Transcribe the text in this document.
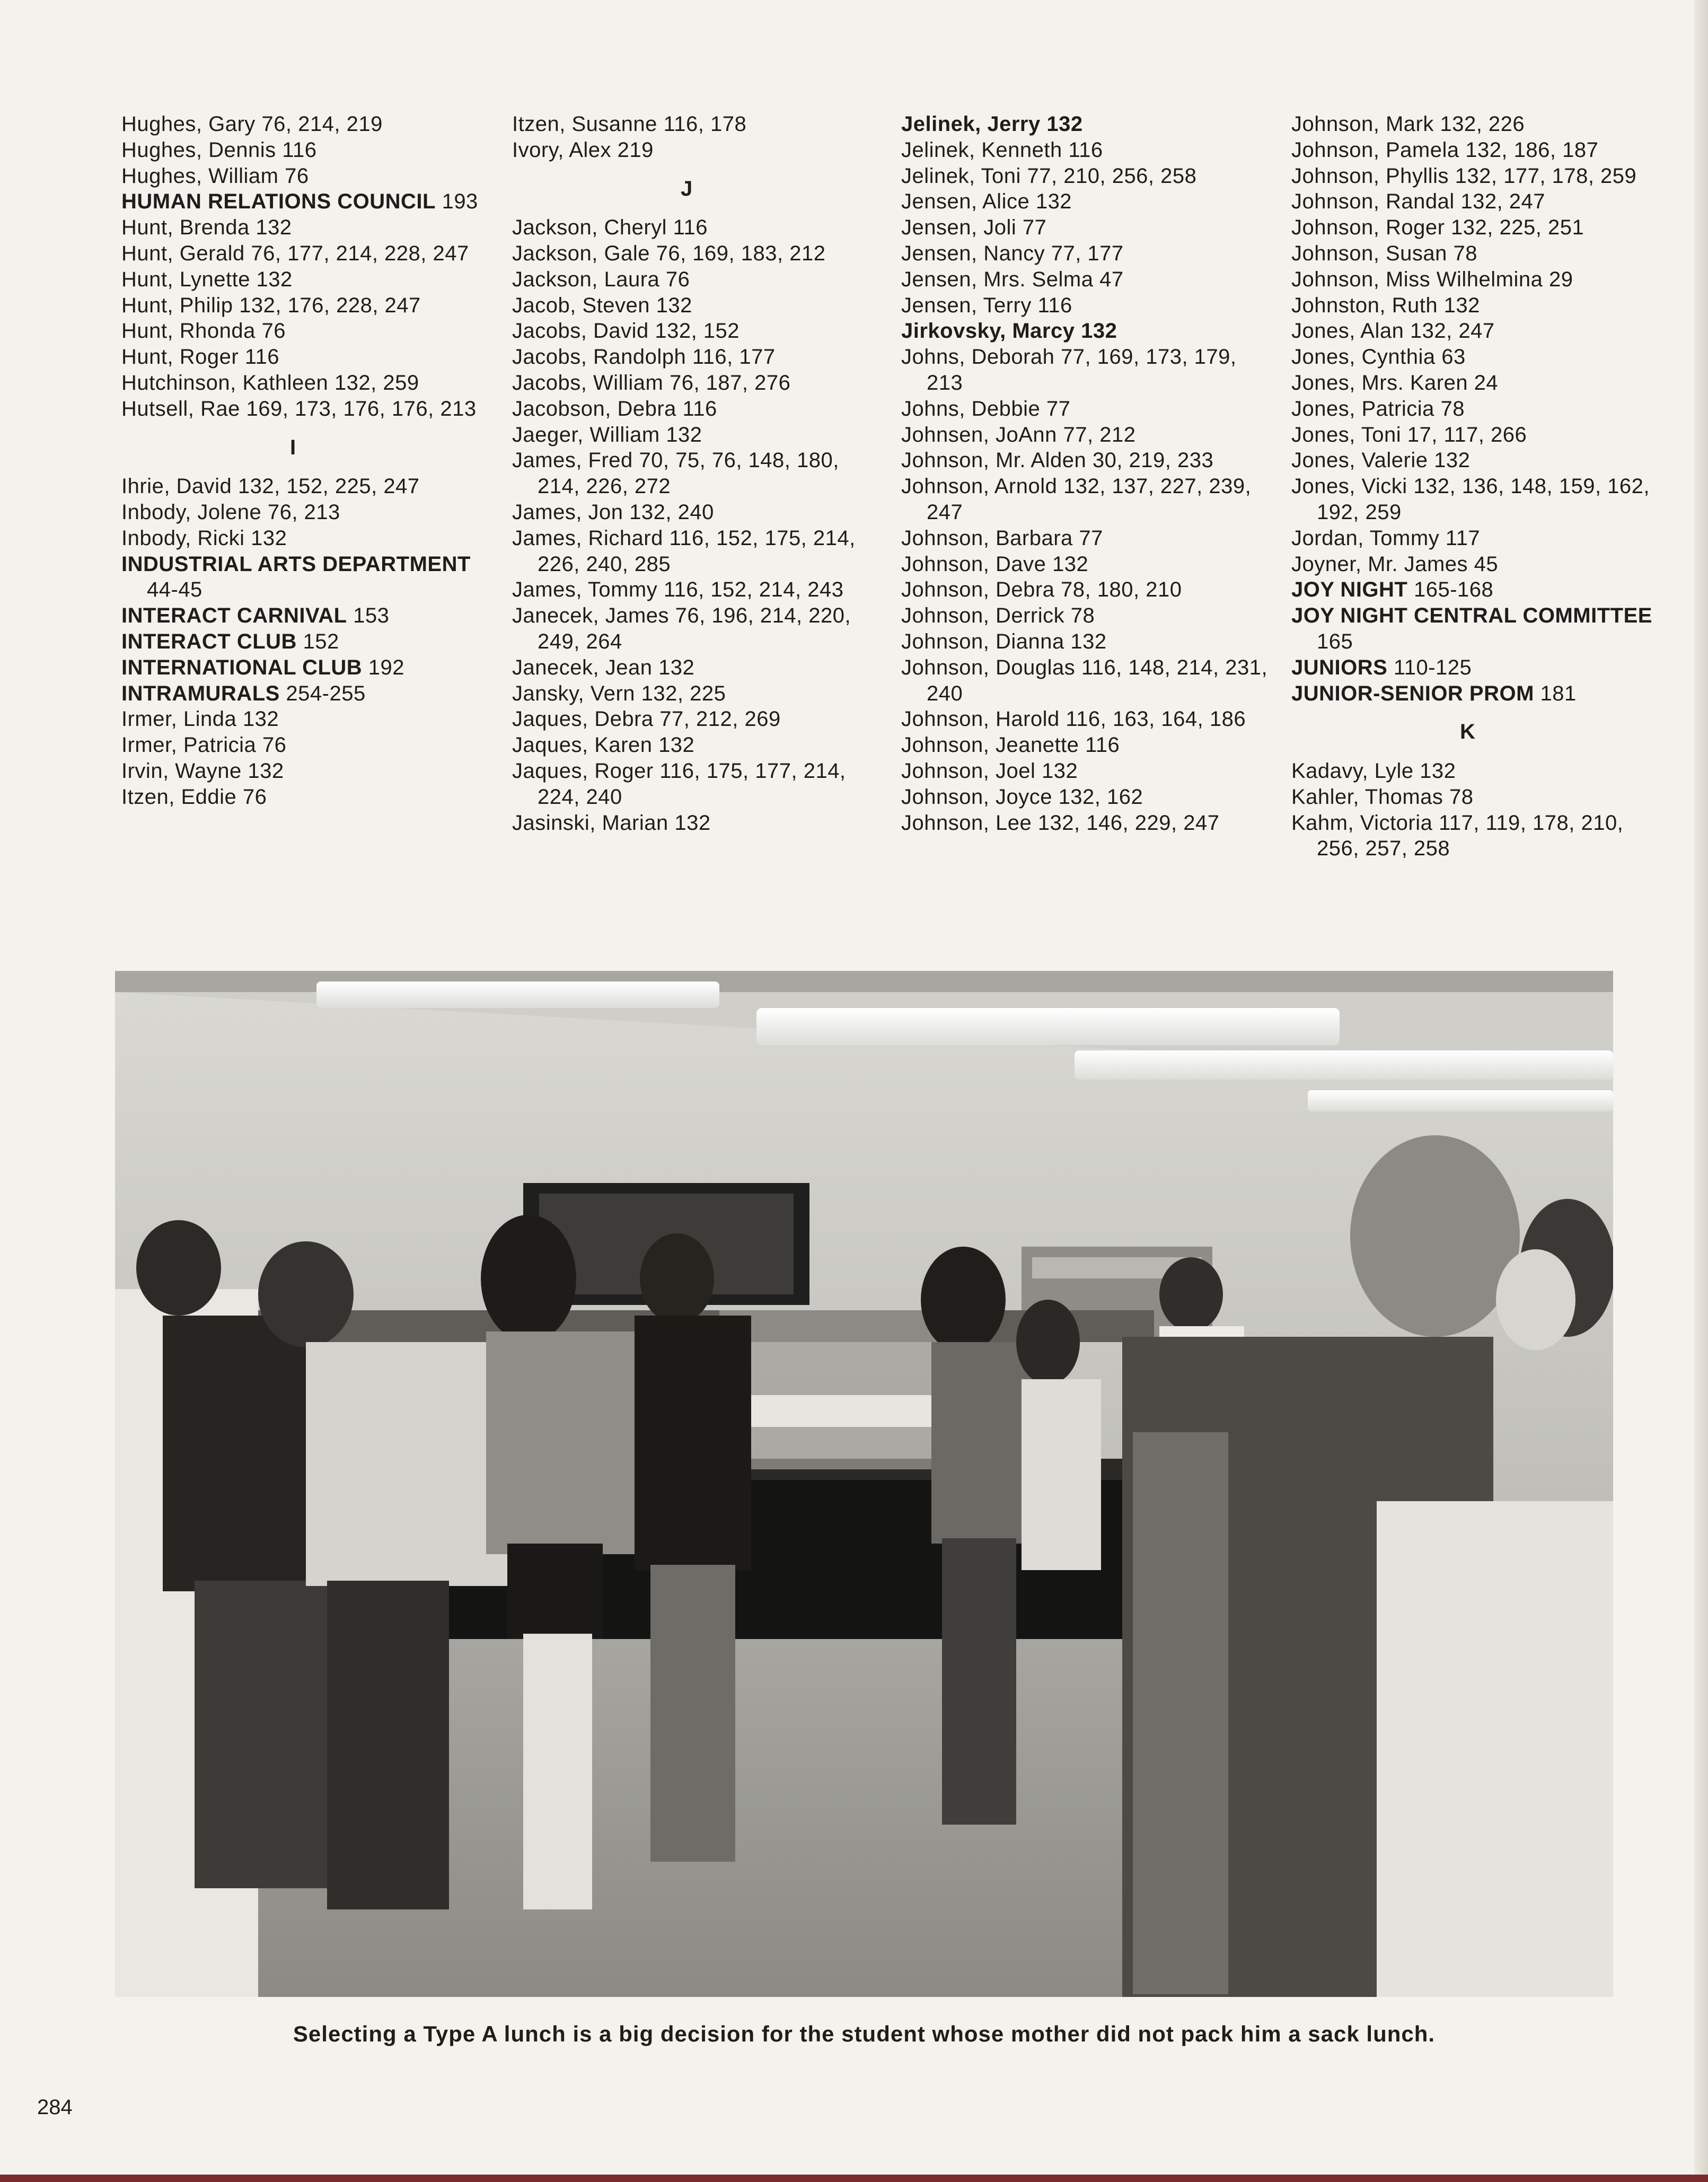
Hughes, Gary 76, 214, 219
Hughes, Dennis 116
Hughes, William 76
HUMAN RELATIONS COUNCIL 193
Hunt, Brenda 132
Hunt, Gerald 76, 177, 214, 228, 247
Hunt, Lynette 132
Hunt, Philip 132, 176, 228, 247
Hunt, Rhonda 76
Hunt, Roger 116
Hutchinson, Kathleen 132, 259
Hutsell, Rae 169, 173, 176, 176, 213
I
Ihrie, David 132, 152, 225, 247
Inbody, Jolene 76, 213
Inbody, Ricki 132
INDUSTRIAL ARTS DEPARTMENT 44-45
INTERACT CARNIVAL 153
INTERACT CLUB 152
INTERNATIONAL CLUB 192
INTRAMURALS 254-255
Irmer, Linda 132
Irmer, Patricia 76
Irvin, Wayne 132
Itzen, Eddie 76
Itzen, Susanne 116, 178
Ivory, Alex 219
J
Jackson, Cheryl 116
Jackson, Gale 76, 169, 183, 212
Jackson, Laura 76
Jacob, Steven 132
Jacobs, David 132, 152
Jacobs, Randolph 116, 177
Jacobs, William 76, 187, 276
Jacobson, Debra 116
Jaeger, William 132
James, Fred 70, 75, 76, 148, 180, 214, 226, 272
James, Jon 132, 240
James, Richard 116, 152, 175, 214, 226, 240, 285
James, Tommy 116, 152, 214, 243
Janecek, James 76, 196, 214, 220, 249, 264
Janecek, Jean 132
Jansky, Vern 132, 225
Jaques, Debra 77, 212, 269
Jaques, Karen 132
Jaques, Roger 116, 175, 177, 214, 224, 240
Jasinski, Marian 132
Jelinek, Jerry 132
Jelinek, Kenneth 116
Jelinek, Toni 77, 210, 256, 258
Jensen, Alice 132
Jensen, Joli 77
Jensen, Nancy 77, 177
Jensen, Mrs. Selma 47
Jensen, Terry 116
Jirkovsky, Marcy 132
Johns, Deborah 77, 169, 173, 179, 213
Johns, Debbie 77
Johnsen, JoAnn 77, 212
Johnson, Mr. Alden 30, 219, 233
Johnson, Arnold 132, 137, 227, 239, 247
Johnson, Barbara 77
Johnson, Dave 132
Johnson, Debra 78, 180, 210
Johnson, Derrick 78
Johnson, Dianna 132
Johnson, Douglas 116, 148, 214, 231, 240
Johnson, Harold 116, 163, 164, 186
Johnson, Jeanette 116
Johnson, Joel 132
Johnson, Joyce 132, 162
Johnson, Lee 132, 146, 229, 247
Johnson, Mark 132, 226
Johnson, Pamela 132, 186, 187
Johnson, Phyllis 132, 177, 178, 259
Johnson, Randal 132, 247
Johnson, Roger 132, 225, 251
Johnson, Susan 78
Johnson, Miss Wilhelmina 29
Johnston, Ruth 132
Jones, Alan 132, 247
Jones, Cynthia 63
Jones, Mrs. Karen 24
Jones, Patricia 78
Jones, Toni 17, 117, 266
Jones, Valerie 132
Jones, Vicki 132, 136, 148, 159, 162, 192, 259
Jordan, Tommy 117
Joyner, Mr. James 45
JOY NIGHT 165-168
JOY NIGHT CENTRAL COMMITTEE 165
JUNIORS 110-125
JUNIOR-SENIOR PROM 181
K
Kadavy, Lyle 132
Kahler, Thomas 78
Kahm, Victoria 117, 119, 178, 210, 256, 257, 258
Selecting a Type A lunch is a big decision for the student whose mother did not pack him a sack lunch.
284
